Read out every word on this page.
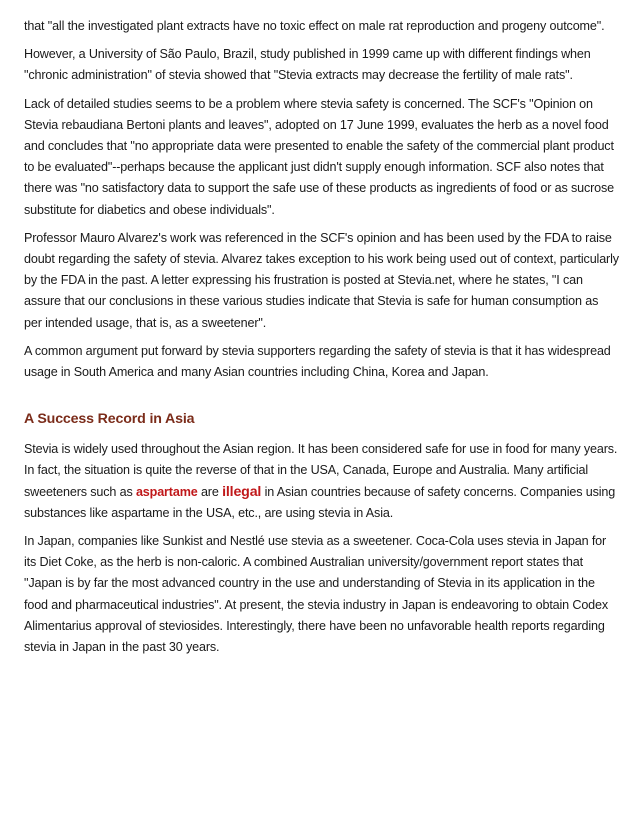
that "all the investigated plant extracts have no toxic effect on male rat reproduction and progeny outcome".

However, a University of São Paulo, Brazil, study published in 1999 came up with different findings when "chronic administration" of stevia showed that "Stevia extracts may decrease the fertility of male rats".

Lack of detailed studies seems to be a problem where stevia safety is concerned. The SCF's "Opinion on Stevia rebaudiana Bertoni plants and leaves", adopted on 17 June 1999, evaluates the herb as a novel food and concludes that "no appropriate data were presented to enable the safety of the commercial plant product to be evaluated"--perhaps because the applicant just didn't supply enough information. SCF also notes that there was "no satisfactory data to support the safe use of these products as ingredients of food or as sucrose substitute for diabetics and obese individuals".

Professor Mauro Alvarez's work was referenced in the SCF's opinion and has been used by the FDA to raise doubt regarding the safety of stevia. Alvarez takes exception to his work being used out of context, particularly by the FDA in the past. A letter expressing his frustration is posted at Stevia.net, where he states, "I can assure that our conclusions in these various studies indicate that Stevia is safe for human consumption as per intended usage, that is, as a sweetener".

A common argument put forward by stevia supporters regarding the safety of stevia is that it has widespread usage in South America and many Asian countries including China, Korea and Japan.

A Success Record in Asia

Stevia is widely used throughout the Asian region. It has been considered safe for use in food for many years. In fact, the situation is quite the reverse of that in the USA, Canada, Europe and Australia. Many artificial sweeteners such as aspartame are illegal in Asian countries because of safety concerns. Companies using substances like aspartame in the USA, etc., are using stevia in Asia.

In Japan, companies like Sunkist and Nestlé use stevia as a sweetener. Coca-Cola uses stevia in Japan for its Diet Coke, as the herb is non-caloric. A combined Australian university/government report states that "Japan is by far the most advanced country in the use and understanding of Stevia in its application in the food and pharmaceutical industries". At present, the stevia industry in Japan is endeavoring to obtain Codex Alimentarius approval of steviosides. Interestingly, there have been no unfavorable health reports regarding stevia in Japan in the past 30 years.
